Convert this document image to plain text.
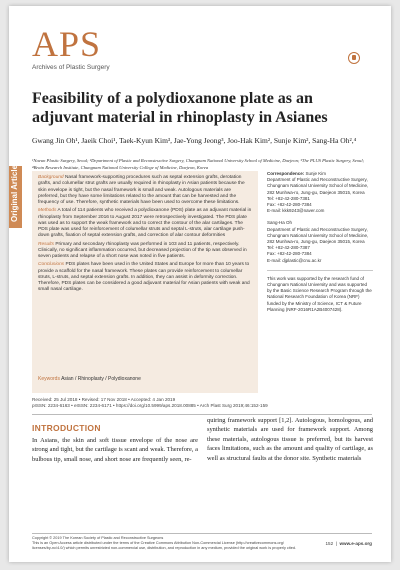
APS
Archives of Plastic Surgery
Original Article
Feasibility of a polydioxanone plate as an adjuvant material in rhinoplasty in Asianes
Gwang Jin Oh¹, Jaeik Choi¹, Taek-Kyun Kim³, Jae-Yong Jeong³, Joo-Hak Kim², Sunje Kim², Sang-Ha Oh²,⁴
¹Naeun Plastic Surgery, Seoul; ²Department of Plastic and Reconstructive Surgery, Chungnam National University School of Medicine, Daejeon; ³The PLUS Plastic Surgery, Seoul; ⁴Brain Research Institute, Chungnam National University College of Medicine, Daejeon, Korea

Background Nasal framework-supporting procedures such as septal extension grafts, derotation grafts, and columellar strut grafts are usually required in rhinoplasty in Asian patients because the skin envelope is tight, but the nasal framework is small and weak. Autologous materials are preferred, but they have some limitations related to the amount that can be harvested and the frequency of use. Therefore, synthetic materials have been used to overcome these limitations.

Methods A total of 114 patients who received a polydioxanone (PDS) plate as an adjuvant material in rhinoplasty from September 2016 to August 2017 were retrospectively investigated. The PDS plate was used as to support the weak framework and to correct the contour of the alar cartilages. The PDS plate was used for reinforcement of columellar struts and septal L-struts, alar cartilage push-down grafts, fixation of septal extension grafts, and correction of alar contour deformities

Results Primary and secondary rhinoplasty was performed in 103 and 11 patients, respectively. Clinically, no significant inflammation occurred, but decreased projection of the tip was observed in seven patients and relapse of a short nose was noted in five patients.

Conclusions PDS plates have been used in the United States and Europe for more than 10 years to provide a scaffold for the nasal framework. These plates can provide reinforcement to columellar struts, L-struts, and septal extension grafts. In addition, they can assist in deformity correction. Therefore, PDS plates can be considered a good adjuvant material for Asian patients with weak and small nasal cartilage.

Keywords Asian / Rhinoplasty / Polydioxanone
Correspondence: Sunje Kim
Department of Plastic and Reconstructive Surgery, Chungnam National University School of Medicine, 282 Munhwa-ro, Jung-gu, Daejeon 35015, Korea
Tel: +82-42-280-7381
Fax: +82-42-280-7384
E-mail: kkk9243@naver.com
Sang-Ha Oh
Department of Plastic and Reconstructive Surgery, Chungnam National University School of Medicine, 282 Munhwa-ro, Jung-gu, Daejeon 35015, Korea
Tel: +82-42-280-7387
Fax: +82-42-280-7384
E-mail: djplastic@cnu.ac.kr
This work was supported by the research fund of Chungnam National University and was supported by the Basic Science Research Program through the National Research Foundation of Korea (NRF) funded by the Ministry of Science, ICT & Future Planning (NRF-2016R1A2B4007428).
Received: 25 Jul 2018 • Revised: 17 Nov 2018 • Accepted: 4 Jan 2019
pISSN: 2234-6163 • eISSN: 2234-6171 • https://doi.org/10.5999/aps.2018.00885 • Arch Plast Surg 2019;46:152-159
INTRODUCTION

In Asians, the skin and soft tissue envelope of the nose are strong and tight, but the cartilage is scant and weak. Therefore, a bulbous tip, small nose, and short nose are frequently seen, re-

quiring framework support [1,2]. Autologous, homologous, and synthetic materials are used for framework support. Among these materials, autologous tissue is preferred, but its harvest faces limitations, such as the amount and quality of cartilage, as well as structural faults at the donor site. Synthetic materials

Copyright © 2019 The Korean Society of Plastic and Reconstructive Surgeons
This is an Open Access article distributed under the terms of the Creative Commons Attribution Non-Commercial License (http://creativecommons.org/
licenses/by-nc/4.0/) which permits unrestricted non-commercial use, distribution, and reproduction in any medium, provided the original work is properly cited.
152  |  www.e-aps.org
